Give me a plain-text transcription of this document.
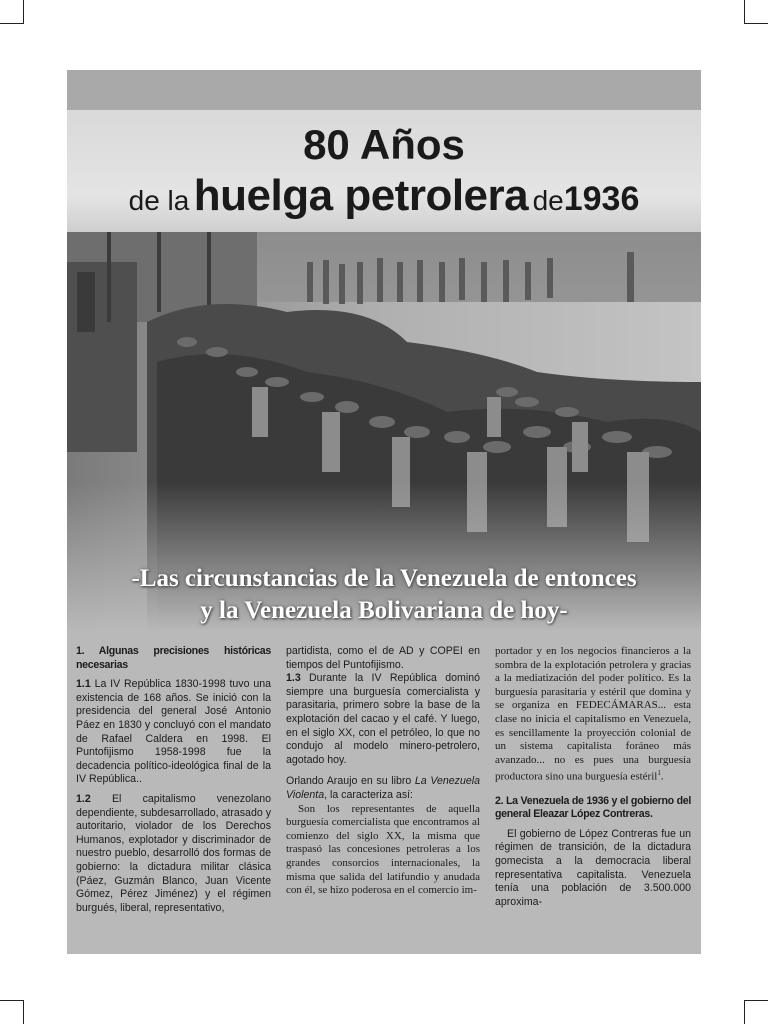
80 Años
de la huelga petrolera de1936
-Las circunstancias de la Venezuela de entonces
y la Venezuela Bolivariana de hoy-

1. Algunas precisiones históricas necesarias

1.1 La IV República 1830-1998 tuvo una existencia de 168 años. Se inició con la presidencia del general José Antonio Páez en 1830 y concluyó con el mandato de Rafael Caldera en 1998. El Puntofijismo 1958-1998 fue la decadencia político-ideológica final de la IV República..

1.2 El capitalismo venezolano dependiente, subdesarrollado, atrasado y autoritario, violador de los Derechos Humanos, explotador y discriminador de nuestro pueblo, desarrolló dos formas de gobierno: la dictadura militar clásica (Páez, Guzmán Blanco, Juan Vicente Gómez, Pérez Jiménez) y el régimen burgués, liberal, representativo,

partidista, como el de AD y COPEI en tiempos del Puntofijismo.

1.3 Durante la IV República dominó siempre una burguesía comercialista y parasitaria, primero sobre la base de la explotación del cacao y el café. Y luego, en el siglo XX, con el petróleo, lo que no condujo al modelo minero-petrolero, agotado hoy.

Orlando Araujo en su libro La Venezuela Violenta, la caracteriza así:

Son los representantes de aquella burguesía comercialista que encontramos al comienzo del siglo XX, la misma que traspasó las concesiones petroleras a los grandes consorcios internacionales, la misma que salida del latifundio y anudada con él, se hizo poderosa en el comercio im-

portador y en los negocios financieros a la sombra de la explotación petrolera y gracias a la mediatización del poder político. Es la burguesía parasitaria y estéril que domina y se organiza en FEDECÁMARAS... esta clase no inicia el capitalismo en Venezuela, es sencillamente la proyección colonial de un sistema capitalista foráneo más avanzado... no es pues una burguesía productora sino una burguesía estéril$^1$.

2. La Venezuela de 1936 y el gobierno del general Eleazar López Contreras.

El gobierno de López Contreras fue un régimen de transición, de la dictadura gomecista a la democracia liberal representativa capitalista. Venezuela tenía una población de 3.500.000 aproxima-
